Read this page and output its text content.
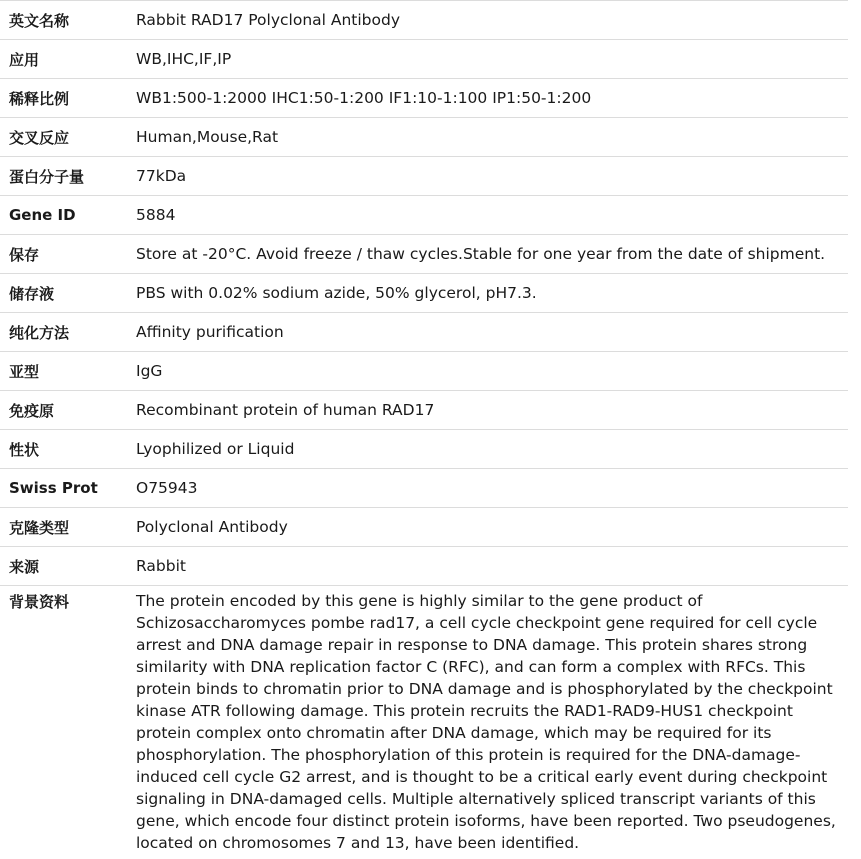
英文名称	Rabbit RAD17 Polyclonal Antibody
应用	WB,IHC,IF,IP
稀释比例	WB1:500-1:2000 IHC1:50-1:200 IF1:10-1:100 IP1:50-1:200
交叉反应	Human,Mouse,Rat
蛋白分子量	77kDa
Gene ID	5884
保存	Store at -20°C. Avoid freeze / thaw cycles.Stable for one year from the date of shipment.
储存液	PBS with 0.02% sodium azide, 50% glycerol, pH7.3.
纯化方法	Affinity purification
亚型	IgG
免疫原	Recombinant protein of human RAD17
性状	Lyophilized or Liquid
Swiss Prot	O75943
克隆类型	Polyclonal Antibody
来源	Rabbit
背景资料	The protein encoded by this gene is highly similar to the gene product of Schizosaccharomyces pombe rad17, a cell cycle checkpoint gene required for cell cycle arrest and DNA damage repair in response to DNA damage. This protein shares strong similarity with DNA replication factor C (RFC), and can form a complex with RFCs. This protein binds to chromatin prior to DNA damage and is phosphorylated by the checkpoint kinase ATR following damage. This protein recruits the RAD1-RAD9-HUS1 checkpoint protein complex onto chromatin after DNA damage, which may be required for its phosphorylation. The phosphorylation of this protein is required for the DNA-damage-induced cell cycle G2 arrest, and is thought to be a critical early event during checkpoint signaling in DNA-damaged cells. Multiple alternatively spliced transcript variants of this gene, which encode four distinct protein isoforms, have been reported. Two pseudogenes, located on chromosomes 7 and 13, have been identified.
